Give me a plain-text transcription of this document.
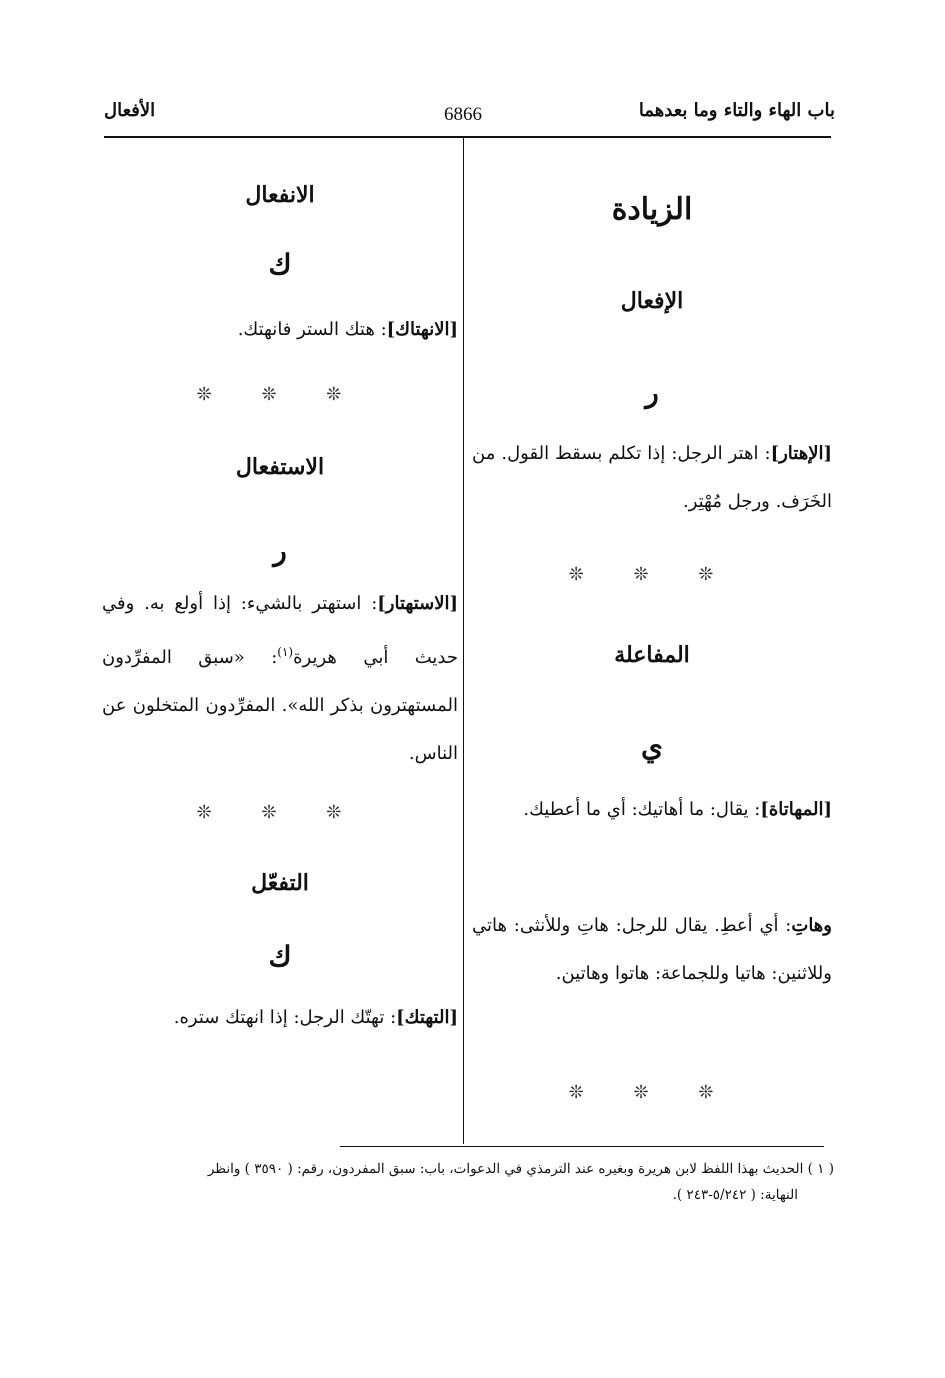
باب الهاء والتاء وما بعدهما
6866
الأفعال
الزيادة
الإفعال
ر
[الإهتار]: اهتر الرجل: إذا تكلم بسقط القول. من الخَرَف. ورجل مُهْتِر.
❊ ❊ ❊
المفاعلة
ي
[المهاتاة]: يقال: ما أهاتيك: أي ما أعطيك.
وهاتِ: أي أعطِ. يقال للرجل: هاتِ وللأنثى: هاتي وللاثنين: هاتيا وللجماعة: هاتوا وهاتين.
❊ ❊ ❊
الانفعال
ك
[الانهتاك]: هتك الستر فانهتك.
❊ ❊ ❊
الاستفعال
ر
[الاستهتار]: استهتر بالشيء: إذا أولع به. وفي حديث أبي هريرة$^{(١)}$: «سبق المفرِّدون المستهترون بذكر الله». المفرِّدون المتخلون عن الناس.
❊ ❊ ❊
التفعّل
ك
[التهتك]: تهتّك الرجل: إذا انهتك ستره.
( ١ ) الحديث بهذا اللفظ لابن هريرة وبغيره عند الترمذي في الدعوات، باب: سبق المفردون، رقم: ( ٣٥٩٠ ) وانظر
النهاية: ( ٥/٢٤٢-٢٤٣ ).
